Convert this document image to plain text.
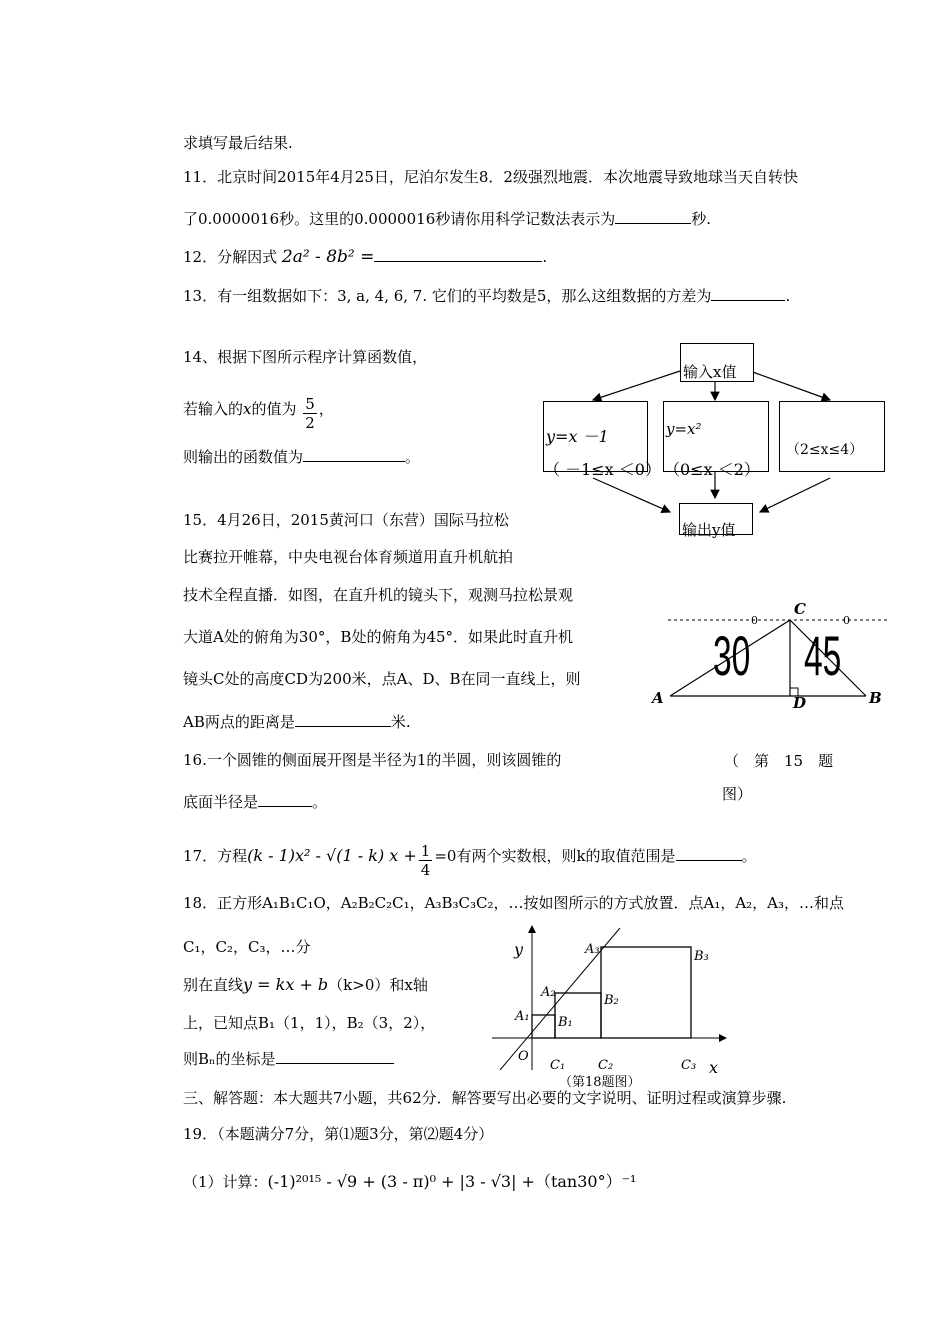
求填写最后结果.
11．北京时间2015年4月25日，尼泊尔发生8．2级强烈地震．本次地震导致地球当天自转快
了0.0000016秒。这里的0.0000016秒请你用科学记数法表示为	秒.
12．分解因式 2a² - 8b² =	.
13．有一组数据如下：3, a, 4, 6, 7. 它们的平均数是5，那么这组数据的方差为	.
14、根据下图所示程序计算函数值，
若输入的x的值为 $\frac{5}{2}$ ，
则输出的函数值为	。
输入x值
y=x －1
（ －1≤x ＜0）
y=x²
（0≤x ＜2）
（2≤x≤4）
输出y值
15．4月26日，2015黄河口（东营）国际马拉松
比赛拉开帷幕，中央电视台体育频道用直升机航拍
技术全程直播．如图，在直升机的镜头下，观测马拉松景观
大道A处的俯角为30°，B处的俯角为45°．如果此时直升机
镜头C处的高度CD为200米，点A、D、B在同一直线上，则
AB两点的距离是	米.
A	B
C
D
30
0
45
0
（　第　15　题
图）
16.一个圆锥的侧面展开图是半径为1的半圆，则该圆锥的
底面半径是	。
17．方程(k - 1)x² - √(1 - k) $x + \frac{1}{4} =0$有两个实数根，则k的取值范围是	。
18．正方形A₁B₁C₁O，A₂B₂C₂C₁，A₃B₃C₃C₂，…按如图所示的方式放置．点A₁，A₂，A₃，…和点
C₁，C₂，C₃，…分
别在直线y = kx + b（k>0）和x轴
上，已知点B₁（1，1），B₂（3，2），
则Bₙ的坐标是
y
x
O
A₁
A₂
A₃
B₁
B₂
B₃
C₁	C₂	C₃
（第18题图）
三、解答题：本大题共7小题，共62分．解答要写出必要的文字说明、证明过程或演算步骤.
19．（本题满分7分，第⑴题3分，第⑵题4分）
（1）计算：(-1)²⁰¹⁵ - √9 + (3 - π)⁰ + |3 - √3| +（tan30°）⁻¹
